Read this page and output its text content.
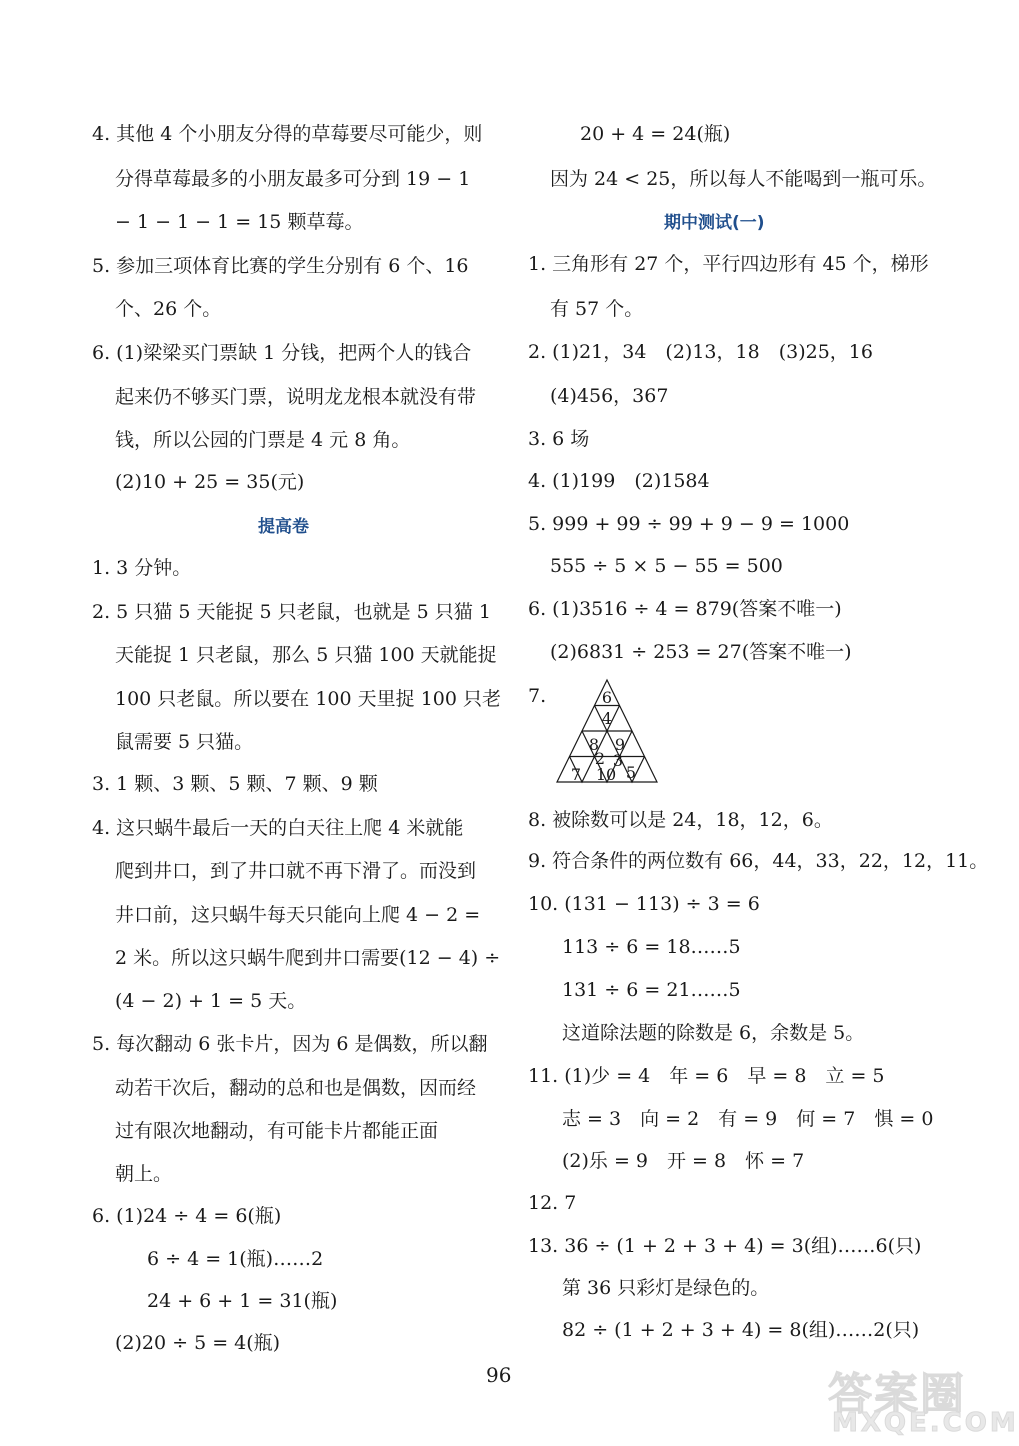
4. 其他 4 个小朋友分得的草莓要尽可能少，则
分得草莓最多的小朋友最多可分到 19 − 1
− 1 − 1 − 1 = 15 颗草莓。
5. 参加三项体育比赛的学生分别有 6 个、16
个、26 个。
6. (1)梁梁买门票缺 1 分钱，把两个人的钱合
起来仍不够买门票，说明龙龙根本就没有带
钱，所以公园的门票是 4 元 8 角。
(2)10 + 25 = 35(元)
1. 3 分钟。
2. 5 只猫 5 天能捉 5 只老鼠，也就是 5 只猫 1
天能捉 1 只老鼠，那么 5 只猫 100 天就能捉
100 只老鼠。所以要在 100 天里捉 100 只老
鼠需要 5 只猫。
3. 1 颗、3 颗、5 颗、7 颗、9 颗
4. 这只蜗牛最后一天的白天往上爬 4 米就能
爬到井口，到了井口就不再下滑了。而没到
井口前，这只蜗牛每天只能向上爬 4 − 2 =
2 米。所以这只蜗牛爬到井口需要(12 − 4) ÷
(4 − 2) + 1 = 5 天。
5. 每次翻动 6 张卡片，因为 6 是偶数，所以翻
动若干次后，翻动的总和也是偶数，因而经
过有限次地翻动，有可能卡片都能正面
朝上。
6. (1)24 ÷ 4 = 6(瓶)
6 ÷ 4 = 1(瓶)……2
24 + 6 + 1 = 31(瓶)
(2)20 ÷ 5 = 4(瓶)
提高卷
20 + 4 = 24(瓶)
因为 24 < 25，所以每人不能喝到一瓶可乐。
1. 三角形有 27 个，平行四边形有 45 个，梯形
有 57 个。
2. (1)21，34　(2)13，18　(3)25，16
(4)456，367
3. 6 场
4. (1)199　(2)1584
5. 999 + 99 ÷ 99 + 9 − 9 = 1000
555 ÷ 5 × 5 − 55 = 500
6. (1)3516 ÷ 4 = 879(答案不唯一)
(2)6831 ÷ 253 = 27(答案不唯一)
7.
8. 被除数可以是 24，18，12，6。
9. 符合条件的两位数有 66，44，33，22，12，11。
10. (131 − 113) ÷ 3 = 6
113 ÷ 6 = 18……5
131 ÷ 6 = 21……5
这道除法题的除数是 6，余数是 5。
11. (1)少 = 4　年 = 6　早 = 8　立 = 5
志 = 3　向 = 2　有 = 9　何 = 7　惧 = 0
(2)乐 = 9　开 = 8　怀 = 7
12. 7
13. 36 ÷ (1 + 2 + 3 + 4) = 3(组)……6(只)
第 36 只彩灯是绿色的。
82 ÷ (1 + 2 + 3 + 4) = 8(组)……2(只)
期中测试(一)
6
4
8 9
2 3
7 10 5
96	答案圈
MXQE.COM
